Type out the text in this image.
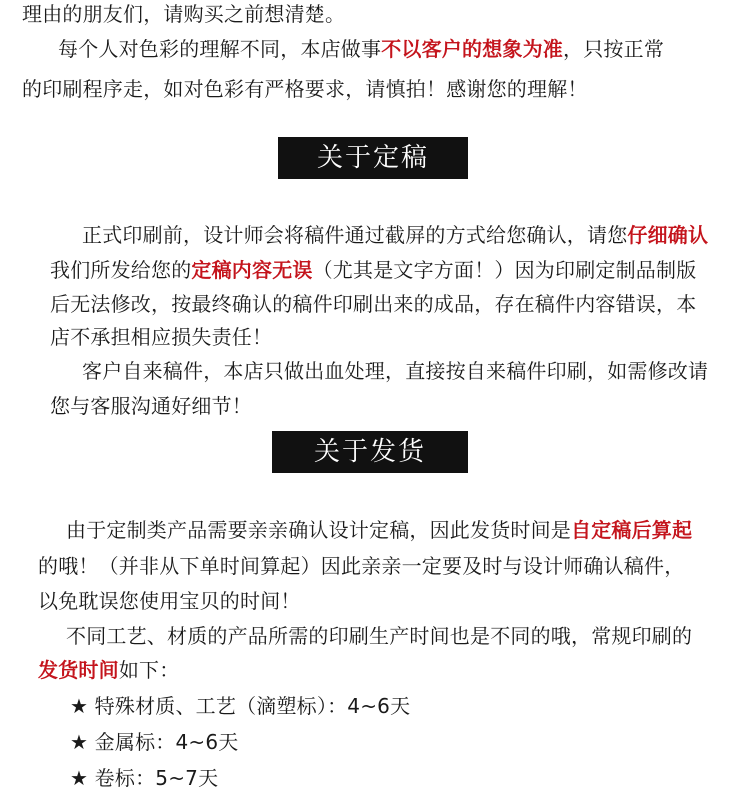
理由的朋友们，请购买之前想清楚。
每个人对色彩的理解不同，本店做事不以客户的想象为准，只按正常
的印刷程序走，如对色彩有严格要求，请慎拍！感谢您的理解！
关于定稿
正式印刷前，设计师会将稿件通过截屏的方式给您确认，请您仔细确认
我们所发给您的定稿内容无误（尤其是文字方面！）因为印刷定制品制版
后无法修改，按最终确认的稿件印刷出来的成品，存在稿件内容错误，本
店不承担相应损失责任！
客户自来稿件，本店只做出血处理，直接按自来稿件印刷，如需修改请
您与客服沟通好细节！
关于发货
由于定制类产品需要亲亲确认设计定稿，因此发货时间是自定稿后算起
的哦！（并非从下单时间算起）因此亲亲一定要及时与设计师确认稿件，
以免耽误您使用宝贝的时间！
不同工艺、材质的产品所需的印刷生产时间也是不同的哦，常规印刷的
发货时间如下：
★ 特殊材质、工艺（滴塑标）：4~6天
★ 金属标：4~6天
★ 卷标：5~7天
